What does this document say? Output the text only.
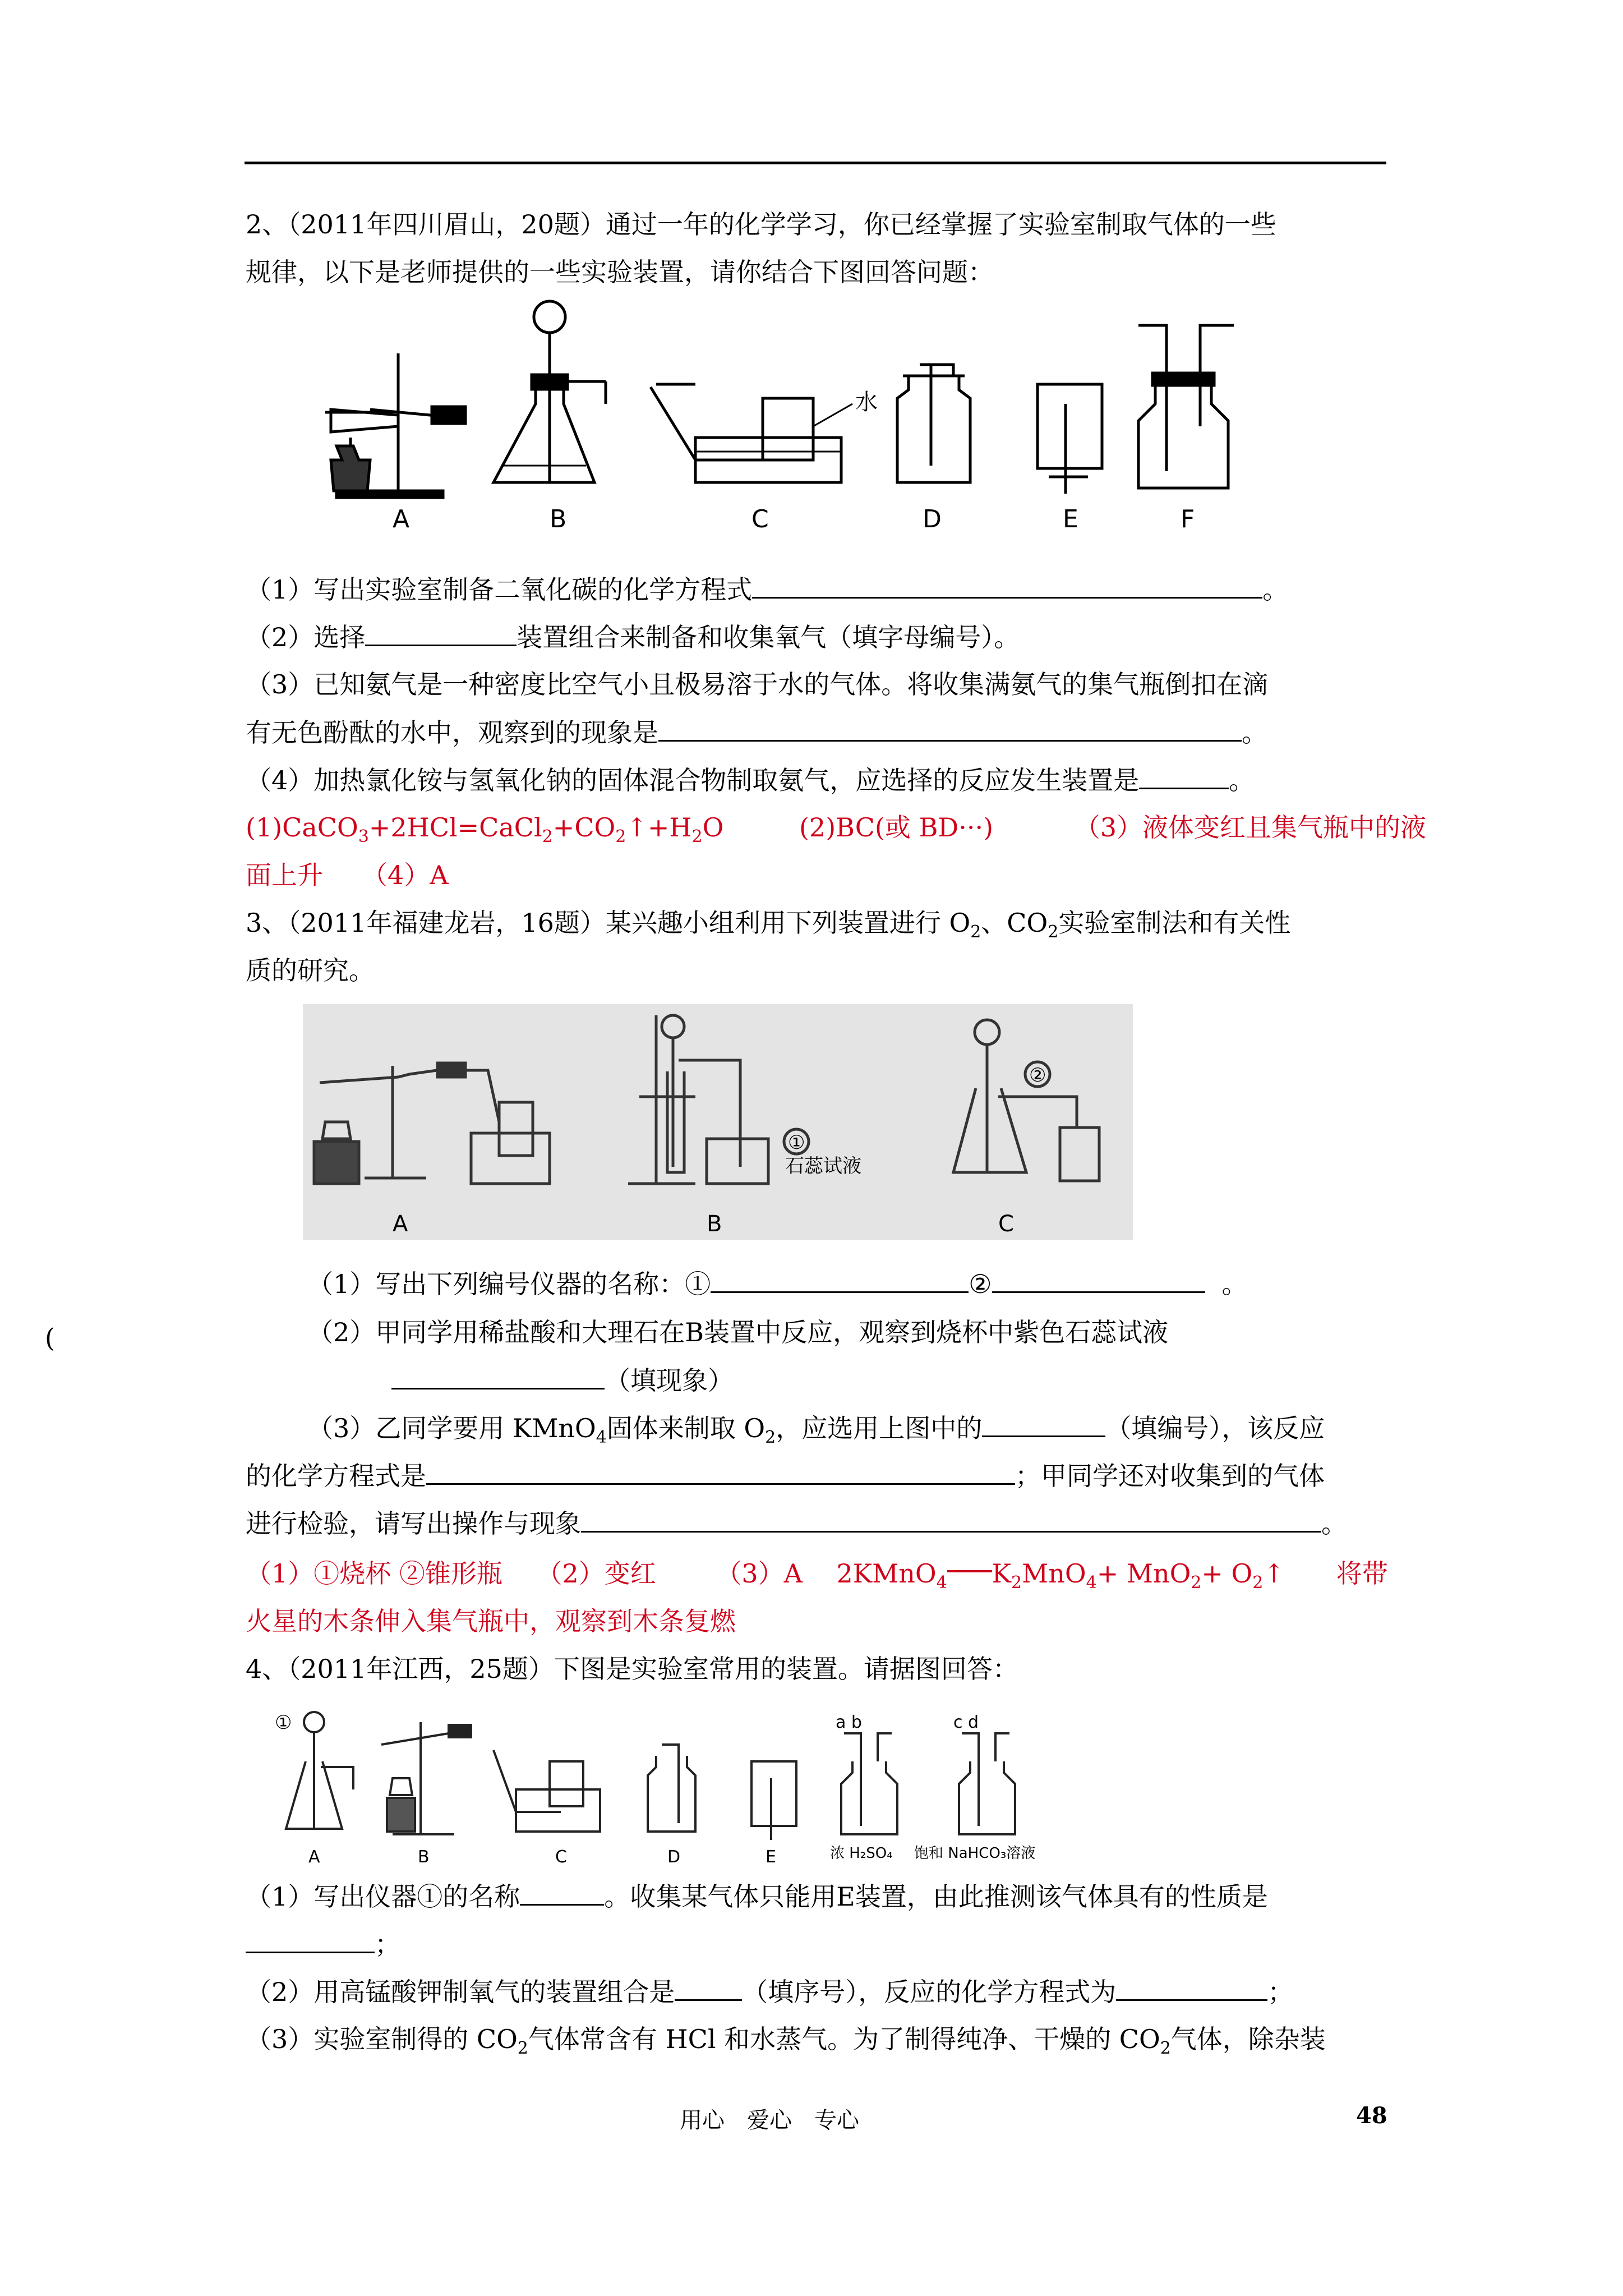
2、（2011年四川眉山，20题）通过一年的化学学习，你已经掌握了实验室制取气体的一些
规律，以下是老师提供的一些实验装置，请你结合下图回答问题：
A	B	C	D	E	F
水
（1）写出实验室制备二氧化碳的化学方程式	。
（2）选择	装置组合来制备和收集氧气（填字母编号）。
（3）已知氨气是一种密度比空气小且极易溶于水的气体。将收集满氨气的集气瓶倒扣在滴
有无色酚酞的水中，观察到的现象是	。
（4）加热氯化铵与氢氧化钠的固体混合物制取氨气，应选择的反应发生装置是	。
$(1)CaCO_3+2HCl=CaCl_2+CO_2↑+H_2O$	(2)BC(或 BD···)	（3）液体变红且集气瓶中的液
面上升　　（4）A
3、（2011年福建龙岩，16题）某兴趣小组利用下列装置进行 $O_2$、$CO_2$实验室制法和有关性
质的研究。
A	B	C
①
②
石蕊试液
（1）写出下列编号仪器的名称：①	②	。
(	（2）甲同学用稀盐酸和大理石在B装置中反应，观察到烧杯中紫色石蕊试液
（填现象）
（3）乙同学要用 KMnO$_4$固体来制取 $O_2$，应选用上图中的	（填编号），该反应
的化学方程式是	；甲同学还对收集到的气体
进行检验，请写出操作与现象	。
（1）①烧杯 ②锥形瓶　 （2）变红　　 （3）A　 2KMnO$_4$ $K_2MnO_4+ MnO_2+$ $O_2↑$　　将带
火星的木条伸入集气瓶中，观察到木条复燃
4、（2011年江西，25题）下图是实验室常用的装置。请据图回答：
①
A	B	C	D	E
a b	c d
浓 H₂SO₄ 饱和 NaHCO₃溶液
（1）写出仪器①的名称	。收集某气体只能用E装置，由此推测该气体具有的性质是
；
（2）用高锰酸钾制氧气的装置组合是	（填序号），反应的化学方程式为	；
（3）实验室制得的 $CO_2$气体常含有 HCl 和水蒸气。为了制得纯净、干燥的 $CO_2$气体，除杂装
用心　爱心　专心	48
